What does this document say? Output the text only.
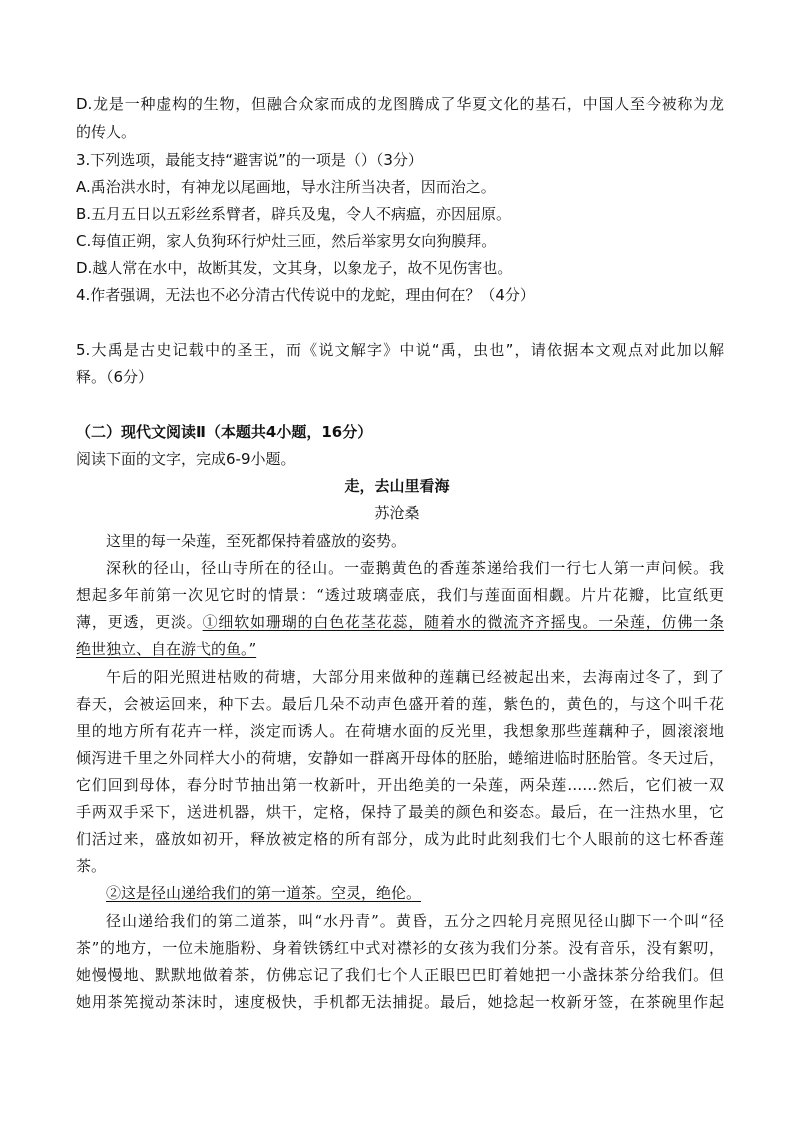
D.龙是一种虚构的生物，但融合众家而成的龙图腾成了华夏文化的基石，中国人至今被称为龙
的传人。
3.下列选项，最能支持“避害说”的一项是（）（3分）
A.禹治洪水时，有神龙以尾画地，导水注所当决者，因而治之。
B.五月五日以五彩丝系臂者，辟兵及鬼，令人不病瘟，亦因屈原。
C.每值正朔，家人负狗环行炉灶三匝，然后举家男女向狗膜拜。
D.越人常在水中，故断其发，文其身，以象龙子，故不见伤害也。
4.作者强调，无法也不必分清古代传说中的龙蛇，理由何在？（4分）
5.大禹是古史记载中的圣王，而《说文解字》中说“禹，虫也”，请依据本文观点对此加以解
释。（6分）
（二）现代文阅读Ⅱ（本题共4小题，16分）
阅读下面的文字，完成6-9小题。
走，去山里看海
苏沧桑
这里的每一朵莲，至死都保持着盛放的姿势。
深秋的径山，径山寺所在的径山。一壶鹅黄色的香莲茶递给我们一行七人第一声问候。我
想起多年前第一次见它时的情景：“透过玻璃壶底，我们与莲面面相觑。片片花瓣，比宣纸更
薄，更透，更淡。①细软如珊瑚的白色花茎花蕊，随着水的微流齐齐摇曳。一朵莲，仿佛一条
绝世独立、自在游弋的鱼。”
午后的阳光照进枯败的荷塘，大部分用来做种的莲藕已经被起出来，去海南过冬了，到了
春天，会被运回来，种下去。最后几朵不动声色盛开着的莲，紫色的，黄色的，与这个叫千花
里的地方所有花卉一样，淡定而诱人。在荷塘水面的反光里，我想象那些莲藕种子，圆滚滚地
倾泻进千里之外同样大小的荷塘，安静如一群离开母体的胚胎，蜷缩进临时胚胎管。冬天过后，
它们回到母体，春分时节抽出第一枚新叶，开出绝美的一朵莲，两朵莲……然后，它们被一双
手两双手采下，送进机器，烘干，定格，保持了最美的颜色和姿态。最后，在一注热水里，它
们活过来，盛放如初开，释放被定格的所有部分，成为此时此刻我们七个人眼前的这七杯香莲
茶。
②这是径山递给我们的第一道茶。空灵，绝伦。
径山递给我们的第二道茶，叫“水丹青”。黄昏，五分之四轮月亮照见径山脚下一个叫“径
茶”的地方，一位未施脂粉、身着铁锈红中式对襟衫的女孩为我们分茶。没有音乐，没有絮叨，
她慢慢地、默默地做着茶，仿佛忘记了我们七个人正眼巴巴盯着她把一小盏抹茶分给我们。但
她用茶筅搅动茶沫时，速度极快，手机都无法捕捉。最后，她捻起一枚新牙签，在茶碗里作起
